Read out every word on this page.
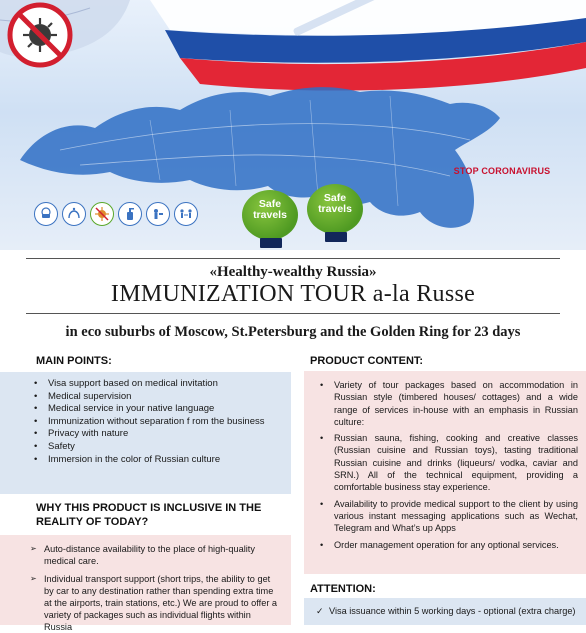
STOP CORONAVIRUS
Safe travels
Safe travels
«Healthy-wealthy Russia»
IMMUNIZATION TOUR a-la Russe
in eco suburbs of Moscow, St.Petersburg and the Golden Ring for 23 days
MAIN POINTS:
• Visa support based on medical invitation
• Medical supervision
• Medical service in your native language
• Immunization without separation f rom the business
• Privacy with nature
• Safety
• Immersion in the color of Russian culture
WHY THIS PRODUCT IS INCLUSIVE IN THE REALITY OF TODAY?
➢ Auto-distance availability to the place of high-quality medical care.
➢ Individual transport support (short trips, the ability to get by car to any destination rather than spending extra time at the airports, train stations, etc.) We are proud to offer a variety of packages such as individual flights within Russia
PRODUCT CONTENT:
• Variety of tour packages based on accommodation in Russian style (timbered houses/ cottages) and a wide range of services in-house with an emphasis in Russian culture:
• Russian sauna, fishing, cooking and creative classes (Russian cuisine and Russian toys), tasting traditional Russian cuisine and drinks (liqueurs/ vodka, caviar and SRN.) All of the technical equipment, providing a comfortable business stay experience.
• Availability to provide medical support to the client by using various instant messaging applications such as Wechat, Telegram and What’s up Apps
• Order management operation for any optional services.
ATTENTION:
✓ Visa issuance within 5 working days - optional (extra charge)
